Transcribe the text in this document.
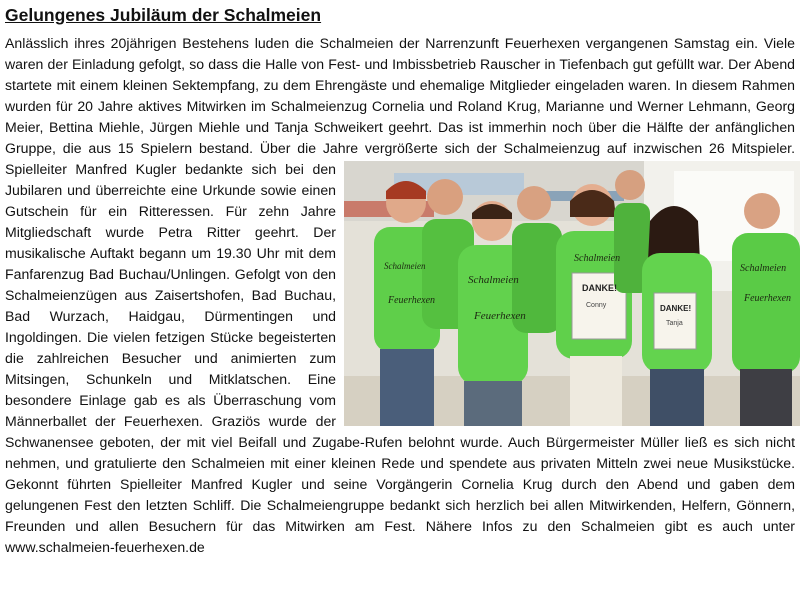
Gelungenes Jubiläum der Schalmeien

Anlässlich ihres 20jährigen Bestehens luden die Schalmeien der Narrenzunft Feuerhexen vergangenen Samstag ein. Viele waren der Einladung gefolgt, so dass die Halle von Fest- und Imbissbetrieb Rauscher in Tiefenbach gut gefüllt war. Der Abend startete mit einem kleinen Sektempfang, zu dem Ehrengäste und ehemalige Mitglieder eingeladen waren. In diesem Rahmen wurden für 20 Jahre aktives Mitwirken im Schalmeienzug Cornelia und Roland Krug, Marianne und Werner Lehmann, Georg Meier, Bettina Miehle, Jürgen Miehle und Tanja Schweikert geehrt. Das ist immerhin noch über die Hälfte der anfänglichen Gruppe, die aus 15 Spielern bestand. Über die Jahre vergrößerte sich der Schalmeienzug auf inzwischen 26 Mitspieler. Spielleiter Manfred Kugler bedankte sich bei den
Schalmeien
Feuerhexen
Schalmeien
Feuerhexen
Schalmeien
Schalmeien
Feuerhexen
DANKE!
Conny	DANKE!
Tanja
Jubilaren und überreichte eine Urkunde sowie einen Gutschein für ein Ritteressen. Für zehn Jahre Mitgliedschaft wurde Petra Ritter geehrt. Der musikalische Auftakt begann um 19.30 Uhr mit dem Fanfarenzug Bad Buchau/Unlingen. Gefolgt von den Schalmeienzügen aus Zaisertshofen, Bad Buchau, Bad Wurzach, Haidgau, Dürmentingen und Ingoldingen. Die vielen fetzigen Stücke begeisterten die zahlreichen Besucher und animierten zum Mitsingen, Schunkeln und Mitklatschen. Eine besondere Einlage gab es als Überraschung vom Männerballet der Feuerhexen. Graziös wurde der Schwanensee geboten, der mit viel Beifall und Zugabe-Rufen belohnt wurde. Auch Bürgermeister Müller ließ es sich nicht nehmen, und gratulierte den Schalmeien mit einer kleinen Rede und spendete aus privaten Mitteln zwei neue Musikstücke. Gekonnt führten Spielleiter Manfred Kugler und seine Vorgängerin Cornelia Krug durch den Abend und gaben dem gelungenen Fest den letzten Schliff. Die Schalmeiengruppe bedankt sich herzlich bei allen Mitwirkenden, Helfern, Gönnern, Freunden und allen Besuchern für das Mitwirken am Fest. Nähere Infos zu den Schalmeien gibt es auch unter www.schalmeien-feuerhexen.de
